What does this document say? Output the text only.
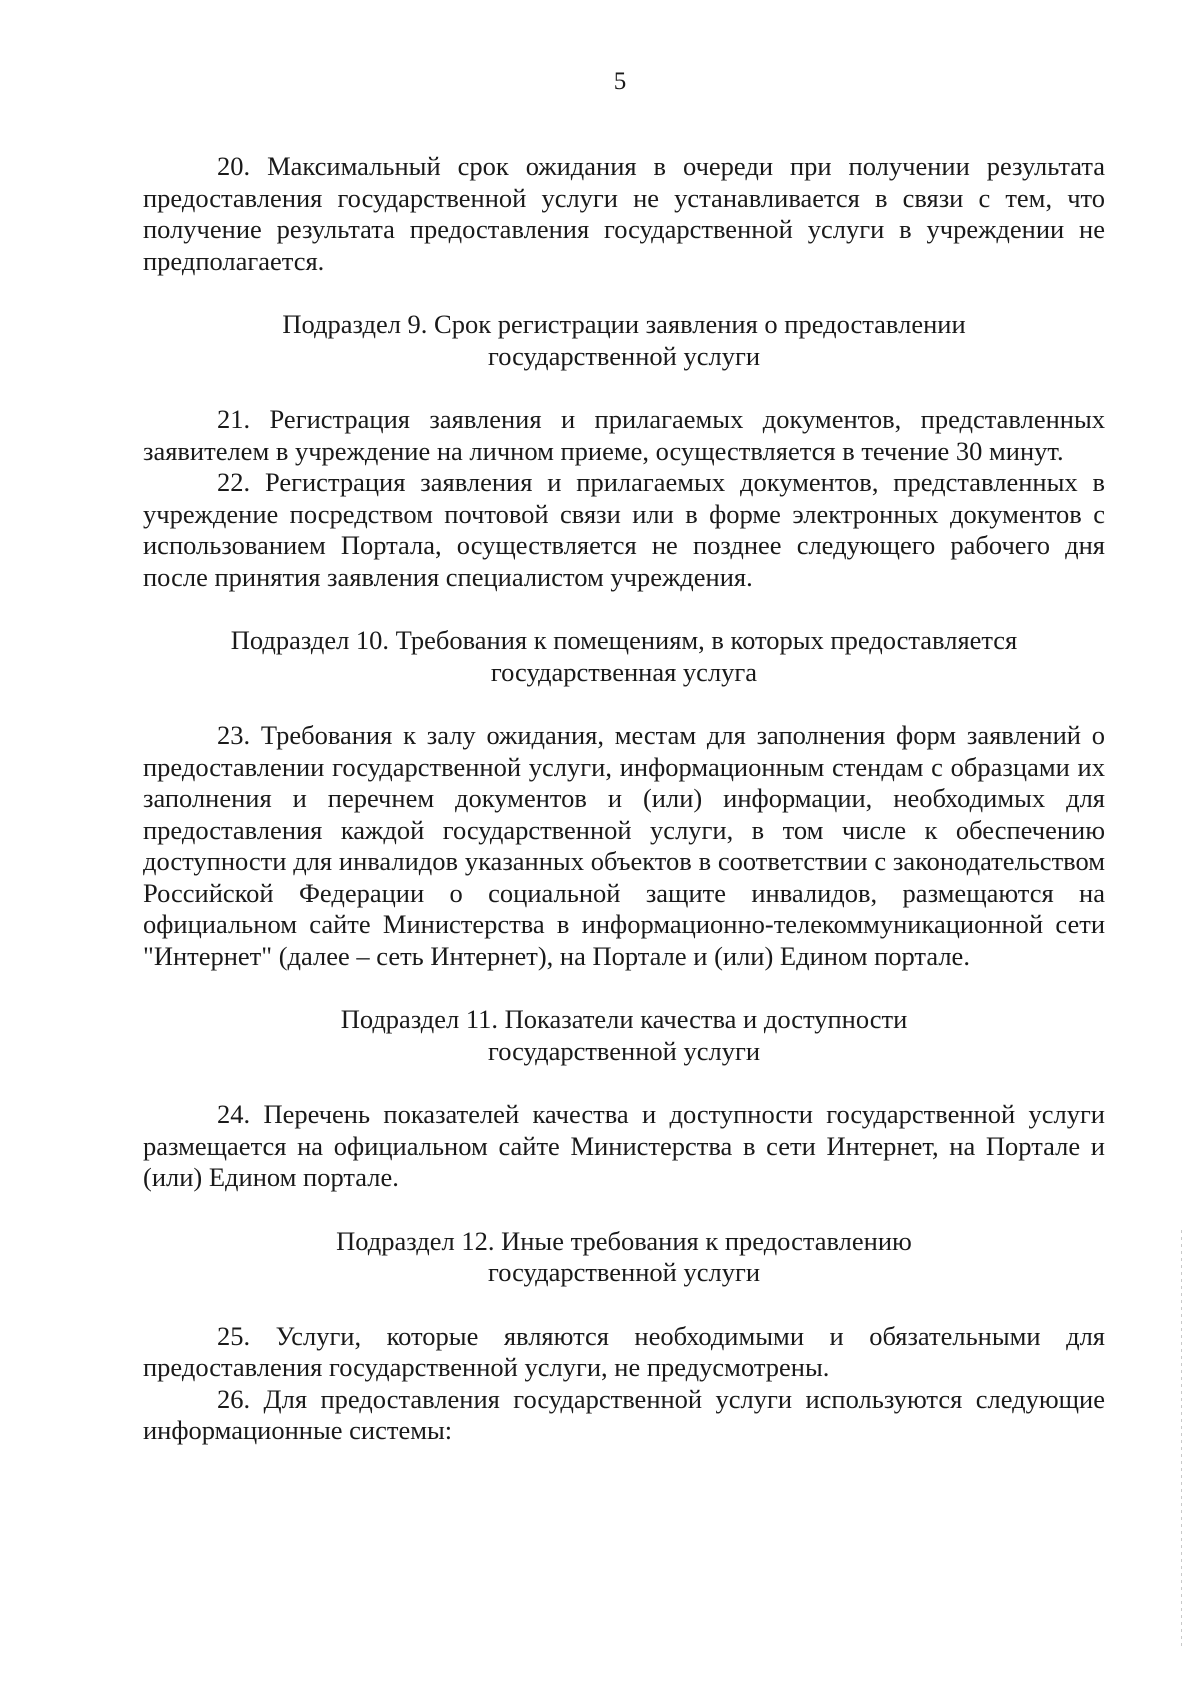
5

20. Максимальный срок ожидания в очереди при получении результата предоставления государственной услуги не устанавливается в связи с тем, что получение результата предоставления государственной услуги в учреждении не предполагается.

Подраздел 9. Срок регистрации заявления о предоставлении
государственной услуги

21. Регистрация заявления и прилагаемых документов, представленных заявителем в учреждение на личном приеме, осуществляется в течение 30 минут.

22. Регистрация заявления и прилагаемых документов, представленных в учреждение посредством почтовой связи или в форме электронных документов с использованием Портала, осуществляется не позднее следующего рабочего дня после принятия заявления специалистом учреждения.

Подраздел 10. Требования к помещениям, в которых предоставляется
государственная услуга

23. Требования к залу ожидания, местам для заполнения форм заявлений о предоставлении государственной услуги, информационным стендам с образцами их заполнения и перечнем документов и (или) информации, необходимых для предоставления каждой государственной услуги, в том числе к обеспечению доступности для инвалидов указанных объектов в соответствии с законодательством Российской Федерации о социальной защите инвалидов, размещаются на официальном сайте Министерства в информационно-телекоммуникационной сети "Интернет" (далее – сеть Интернет), на Портале и (или) Едином портале.

Подраздел 11. Показатели качества и доступности
государственной услуги

24. Перечень показателей качества и доступности государственной услуги размещается на официальном сайте Министерства в сети Интернет, на Портале и (или) Едином портале.

Подраздел 12. Иные требования к предоставлению
государственной услуги

25. Услуги, которые являются необходимыми и обязательными для предоставления государственной услуги, не предусмотрены.

26. Для предоставления государственной услуги используются следующие информационные системы:
